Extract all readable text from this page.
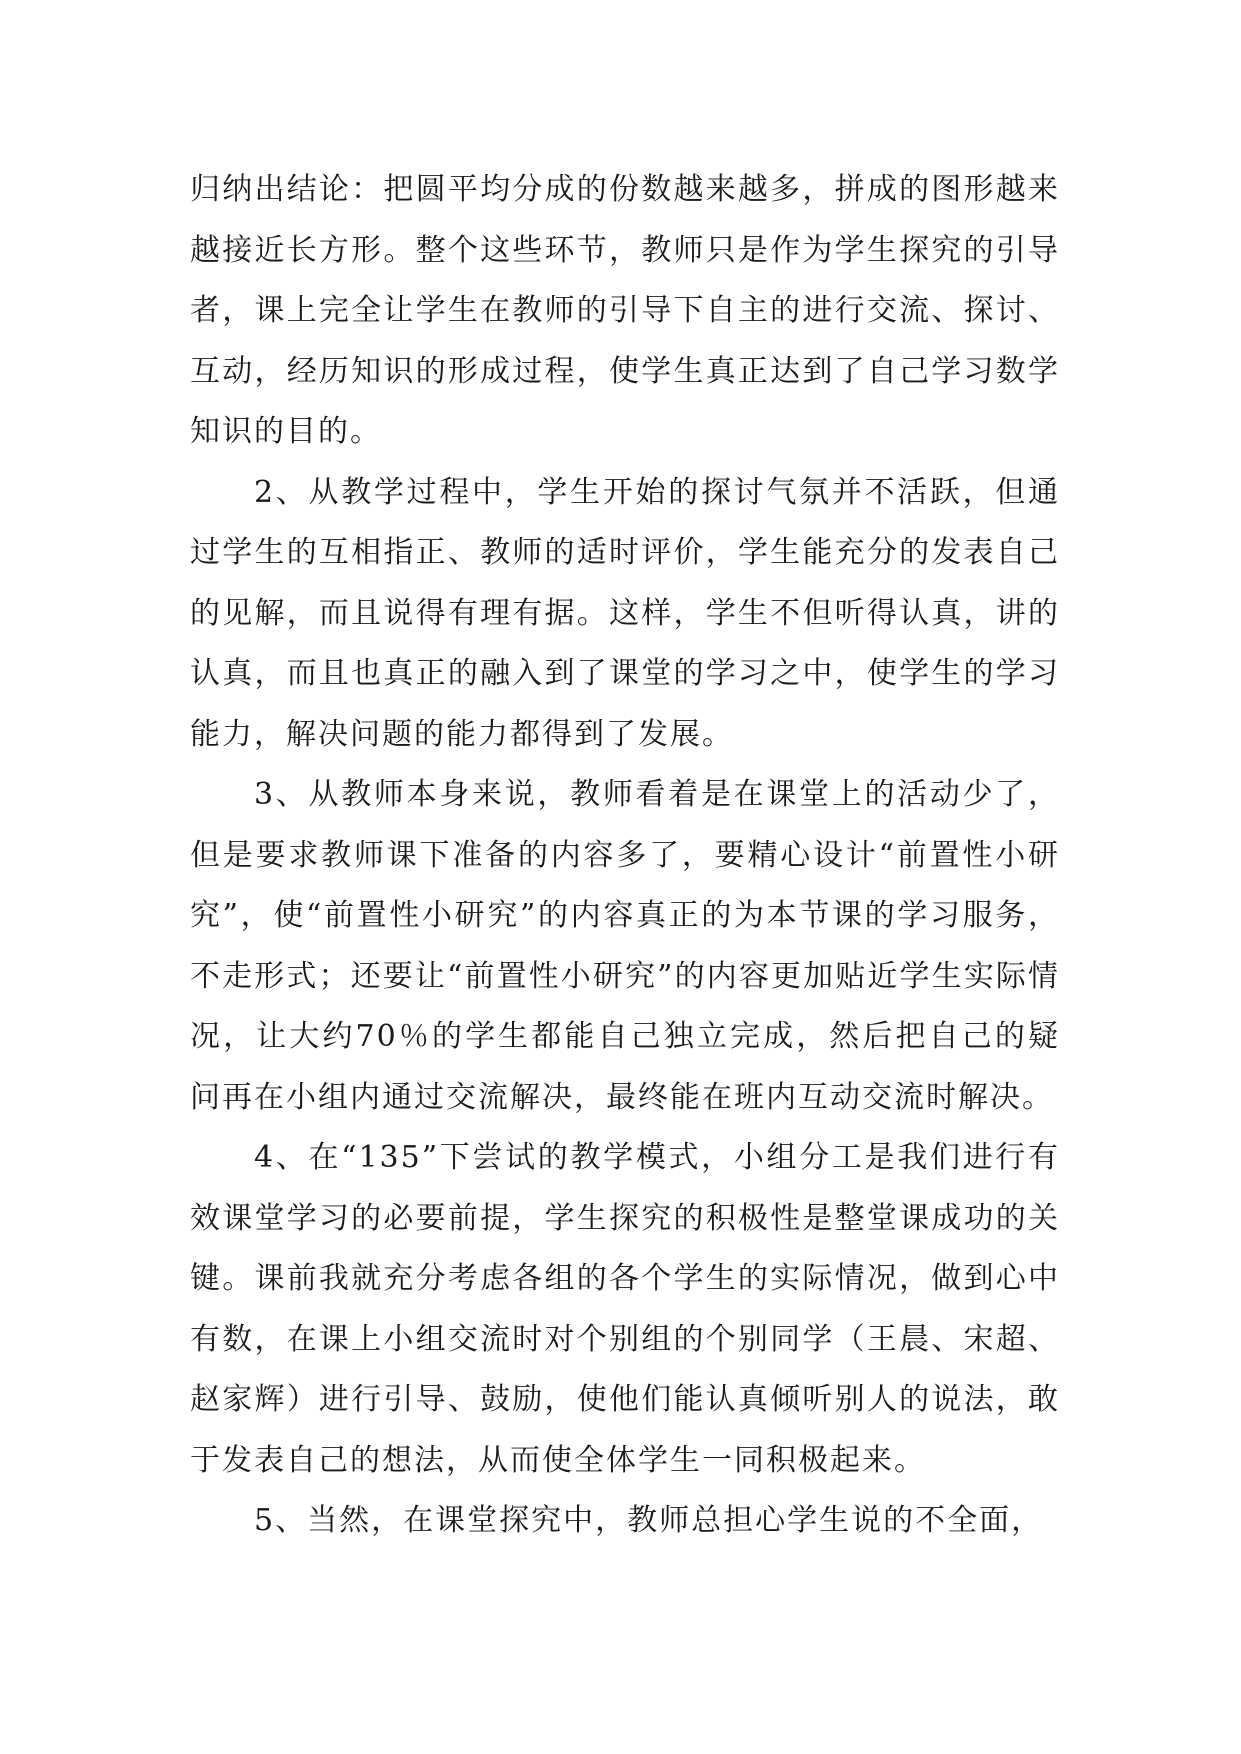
归纳出结论：把圆平均分成的份数越来越多，拼成的图形越来越接近长方形。整个这些环节，教师只是作为学生探究的引导者，课上完全让学生在教师的引导下自主的进行交流、探讨、互动，经历知识的形成过程，使学生真正达到了自己学习数学知识的目的。

2、从教学过程中，学生开始的探讨气氛并不活跃，但通过学生的互相指正、教师的适时评价，学生能充分的发表自己的见解，而且说得有理有据。这样，学生不但听得认真，讲的认真，而且也真正的融入到了课堂的学习之中，使学生的学习能力，解决问题的能力都得到了发展。

3、从教师本身来说，教师看着是在课堂上的活动少了，但是要求教师课下准备的内容多了，要精心设计“前置性小研究”，使“前置性小研究”的内容真正的为本节课的学习服务，不走形式；还要让“前置性小研究”的内容更加贴近学生实际情况，让大约70％的学生都能自己独立完成，然后把自己的疑问再在小组内通过交流解决，最终能在班内互动交流时解决。

4、在“135”下尝试的教学模式，小组分工是我们进行有效课堂学习的必要前提，学生探究的积极性是整堂课成功的关键。课前我就充分考虑各组的各个学生的实际情况，做到心中有数，在课上小组交流时对个别组的个别同学（王晨、宋超、赵家辉）进行引导、鼓励，使他们能认真倾听别人的说法，敢于发表自己的想法，从而使全体学生一同积极起来。

5、当然，在课堂探究中，教师总担心学生说的不全面，
